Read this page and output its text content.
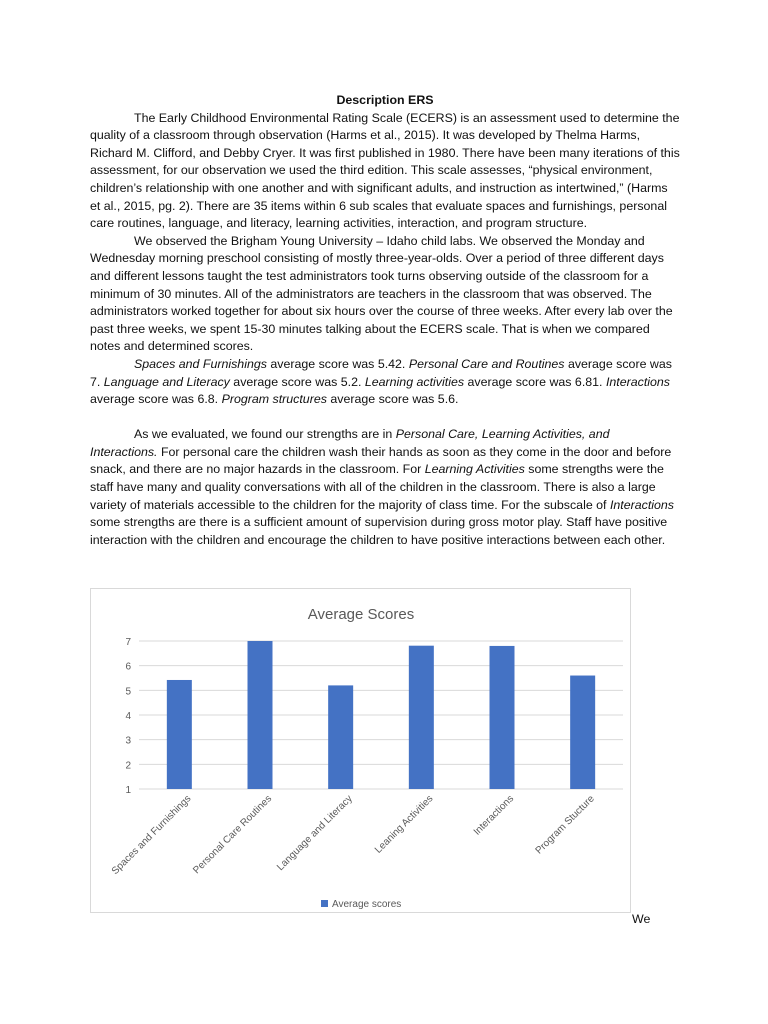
Description ERS

The Early Childhood Environmental Rating Scale (ECERS) is an assessment used to determine the quality of a classroom through observation (Harms et al., 2015). It was developed by Thelma Harms, Richard M. Clifford, and Debby Cryer. It was first published in 1980. There have been many iterations of this assessment, for our observation we used the third edition. This scale assesses, “physical environment, children’s relationship with one another and with significant adults, and instruction as intertwined,” (Harms et al., 2015, pg. 2). There are 35 items within 6 sub scales that evaluate spaces and furnishings, personal care routines, language, and literacy, learning activities, interaction, and program structure.

We observed the Brigham Young University – Idaho child labs. We observed the Monday and Wednesday morning preschool consisting of mostly three-year-olds. Over a period of three different days and different lessons taught the test administrators took turns observing outside of the classroom for a minimum of 30 minutes. All of the administrators are teachers in the classroom that was observed. The administrators worked together for about six hours over the course of three weeks. After every lab over the past three weeks, we spent 15-30 minutes talking about the ECERS scale. That is when we compared notes and determined scores.

Spaces and Furnishings average score was 5.42. Personal Care and Routines average score was 7. Language and Literacy average score was 5.2. Learning activities average score was 6.81. Interactions average score was 6.8. Program structures average score was 5.6.

As we evaluated, we found our strengths are in Personal Care, Learning Activities, and Interactions. For personal care the children wash their hands as soon as they come in the door and before snack, and there are no major hazards in the classroom. For Learning Activities some strengths were the staff have many and quality conversations with all of the children in the classroom. There is also a large variety of materials accessible to the children for the majority of class time. For the subscale of Interactions some strengths are there is a sufficient amount of supervision during gross motor play. Staff have positive interaction with the children and encourage the children to have positive interactions between each other.

Average Scores
1
2
3
4
5
6
7
Spaces and Furnishings
Personal Care Routines Language and Literacy Leaning Activities	Interactions Program Stucture
Average scores
We
